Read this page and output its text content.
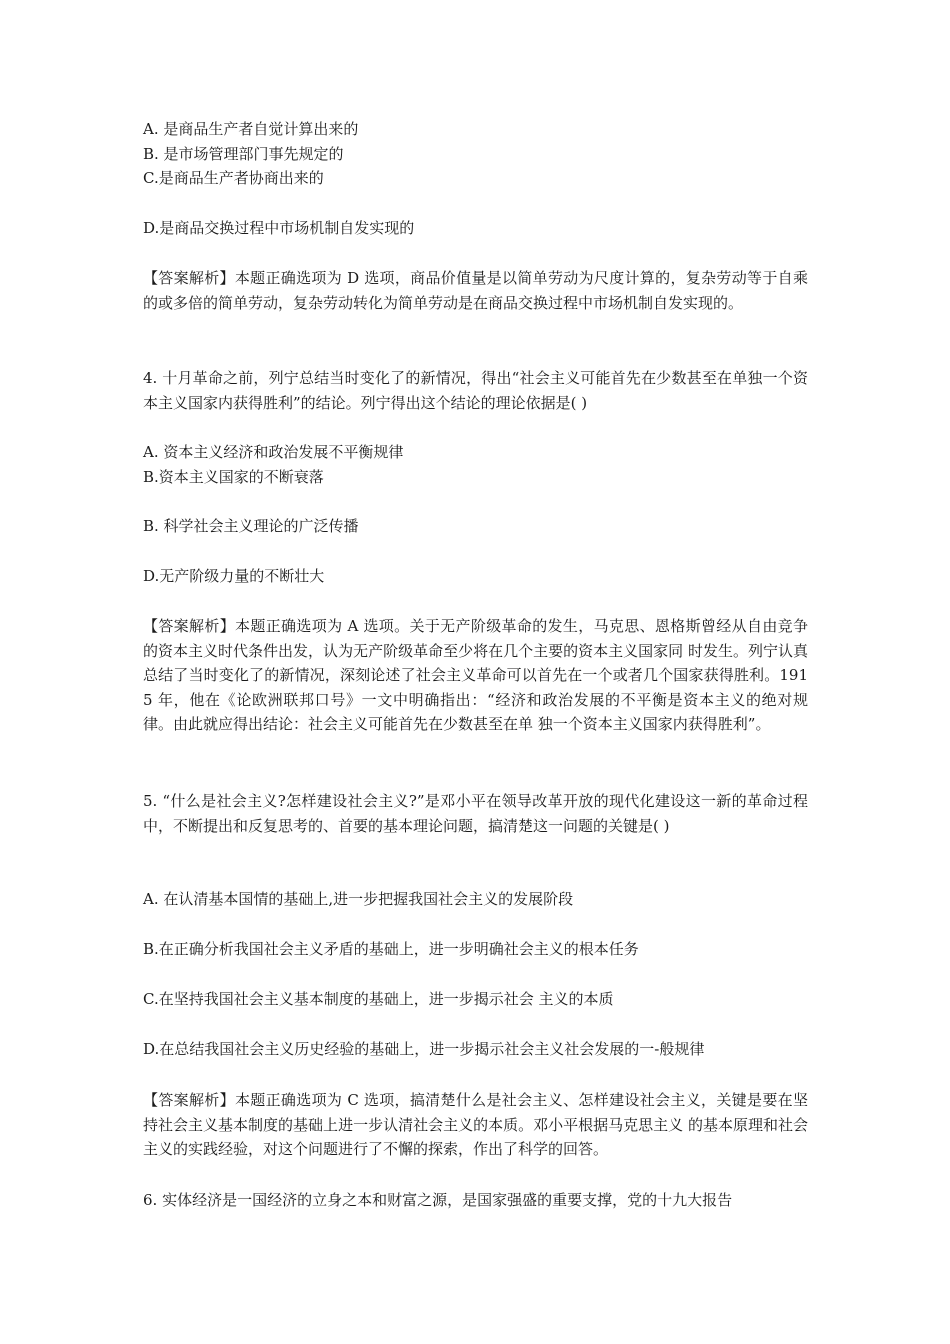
A. 是商品生产者自觉计算出来的
B. 是市场管理部门事先规定的
C.是商品生产者协商出来的
D.是商品交换过程中市场机制自发实现的
【答案解析】本题正确选项为 D 选项，商品价值量是以简单劳动为尺度计算的，复杂劳动等于自乘的或多倍的简单劳动，复杂劳动转化为简单劳动是在商品交换过程中市场机制自发实现的。
4. 十月革命之前，列宁总结当时变化了的新情况，得出“社会主义可能首先在少数甚至在单独一个资本主义国家内获得胜利”的结论。列宁得出这个结论的理论依据是( )
A. 资本主义经济和政治发展不平衡规律
B.资本主义国家的不断衰落
B. 科学社会主义理论的广泛传播
D.无产阶级力量的不断壮大
【答案解析】本题正确选项为 A 选项。关于无产阶级革命的发生，马克思、恩格斯曾经从自由竞争的资本主义时代条件出发，认为无产阶级革命至少将在几个主要的资本主义国家同 时发生。列宁认真总结了当时变化了的新情况，深刻论述了社会主义革命可以首先在一个或者几个国家获得胜利。1915 年，他在《论欧洲联邦口号》一文中明确指出：“经济和政治发展的不平衡是资本主义的绝对规律。由此就应得出结论：社会主义可能首先在少数甚至在单 独一个资本主义国家内获得胜利”。
5. “什么是社会主义?怎样建设社会主义?”是邓小平在领导改革开放的现代化建设这一新的革命过程中，不断提出和反复思考的、首要的基本理论问题，搞清楚这一问题的关键是( )
A. 在认清基本国情的基础上,进一步把握我国社会主义的发展阶段
B.在正确分析我国社会主义矛盾的基础上，进一步明确社会主义的根本任务
C.在坚持我国社会主义基本制度的基础上，进一步揭示社会 主义的本质
D.在总结我国社会主义历史经验的基础上，进一步揭示社会主义社会发展的一-般规律
【答案解析】本题正确选项为 C 选项，搞清楚什么是社会主义、怎样建设社会主义，关键是要在坚持社会主义基本制度的基础上进一步认清社会主义的本质。邓小平根据马克思主义 的基本原理和社会主义的实践经验，对这个问题进行了不懈的探索，作出了科学的回答。
6. 实体经济是一国经济的立身之本和财富之源，是国家强盛的重要支撑，党的十九大报告
